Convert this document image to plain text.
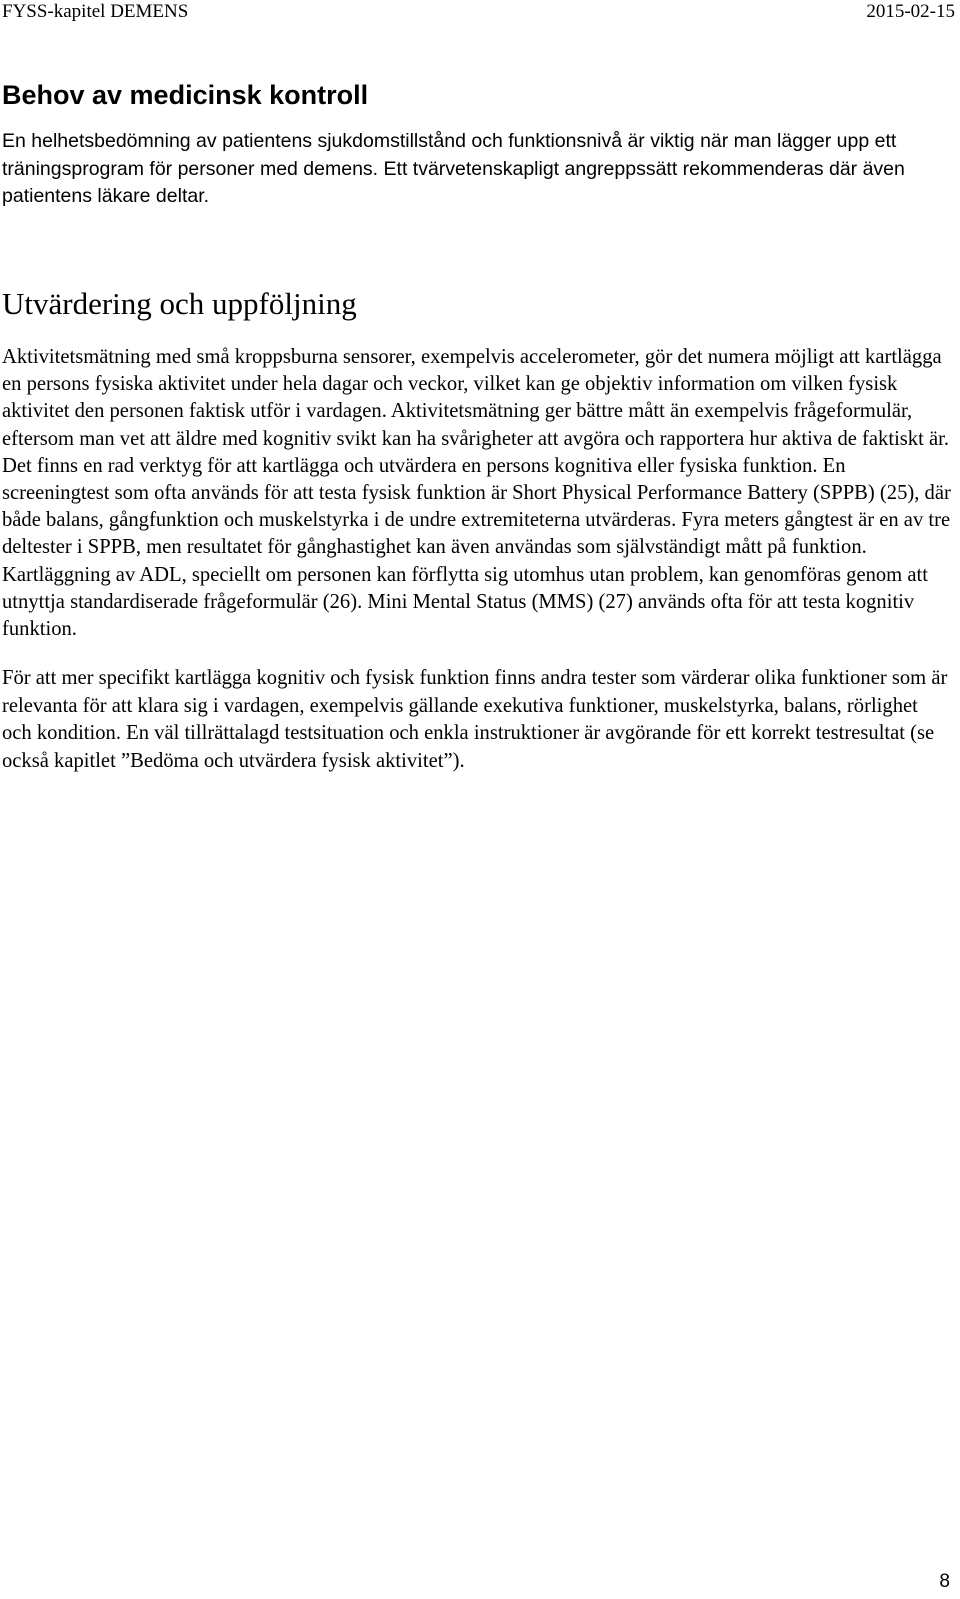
FYSS-kapitel DEMENS	2015-02-15
Behov av medicinsk kontroll

En helhetsbedömning av patientens sjukdomstillstånd och funktionsnivå är viktig när man lägger upp ett träningsprogram för personer med demens. Ett tvärvetenskapligt angreppssätt rekommenderas där även patientens läkare deltar.

Utvärdering och uppföljning

Aktivitetsmätning med små kroppsburna sensorer, exempelvis accelerometer, gör det numera möjligt att kartlägga en persons fysiska aktivitet under hela dagar och veckor, vilket kan ge objektiv information om vilken fysisk aktivitet den personen faktisk utför i vardagen. Aktivitetsmätning ger bättre mått än exempelvis frågeformulär, eftersom man vet att äldre med kognitiv svikt kan ha svårigheter att avgöra och rapportera hur aktiva de faktiskt är. Det finns en rad verktyg för att kartlägga och utvärdera en persons kognitiva eller fysiska funktion. En screeningtest som ofta används för att testa fysisk funktion är Short Physical Performance Battery (SPPB) (25), där både balans, gångfunktion och muskelstyrka i de undre extremiteterna utvärderas. Fyra meters gångtest är en av tre deltester i SPPB, men resultatet för gånghastighet kan även användas som självständigt mått på funktion. Kartläggning av ADL, speciellt om personen kan förflytta sig utomhus utan problem, kan genomföras genom att utnyttja standardiserade frågeformulär (26). Mini Mental Status (MMS) (27) används ofta för att testa kognitiv funktion.

För att mer specifikt kartlägga kognitiv och fysisk funktion finns andra tester som värderar olika funktioner som är relevanta för att klara sig i vardagen, exempelvis gällande exekutiva funktioner, muskelstyrka, balans, rörlighet och kondition. En väl tillrättalagd testsituation och enkla instruktioner är avgörande för ett korrekt testresultat (se också kapitlet ”Bedöma och utvärdera fysisk aktivitet”).

8
